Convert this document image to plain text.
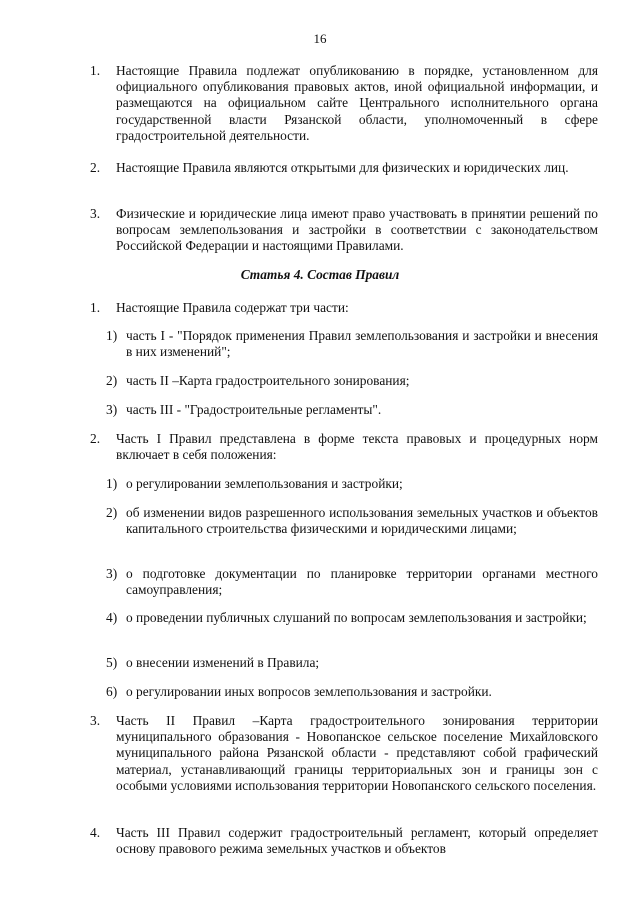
16
1. Настоящие Правила подлежат опубликованию в порядке, установленном для официального опубликования правовых актов, иной официальной информации, и размещаются на официальном сайте Центрального исполнительного органа государственной власти Рязанской области, уполномоченный в сфере градостроительной деятельности.
2. Настоящие Правила являются открытыми для физических и юридических лиц.
3. Физические и юридические лица имеют право участвовать в принятии решений по вопросам землепользования и застройки в соответствии с законодательством Российской Федерации и настоящими Правилами.
Статья 4. Состав Правил
1. Настоящие Правила содержат три части:
1) часть I - "Порядок применения Правил землепользования и застройки и внесения в них изменений";
2) часть II –Карта градостроительного зонирования;
3) часть III - "Градостроительные регламенты".
2. Часть I Правил представлена в форме текста правовых и процедурных норм включает в себя положения:
1) о регулировании землепользования и застройки;
2) об изменении видов разрешенного использования земельных участков и объектов капитального строительства физическими и юридическими лицами;
3) о подготовке документации по планировке территории органами местного самоуправления;
4) о проведении публичных слушаний по вопросам землепользования и застройки;
5) о внесении изменений в Правила;
6) о регулировании иных вопросов землепользования и застройки.
3. Часть II Правил –Карта градостроительного зонирования территории муниципального образования - Новопанское сельское поселение Михайловского муниципального района Рязанской области - представляют собой графический материал, устанавливающий границы территориальных зон и границы зон с особыми условиями использования территории Новопанского сельского поселения.
4. Часть III Правил содержит градостроительный регламент, который определяет основу правового режима земельных участков и объектов
